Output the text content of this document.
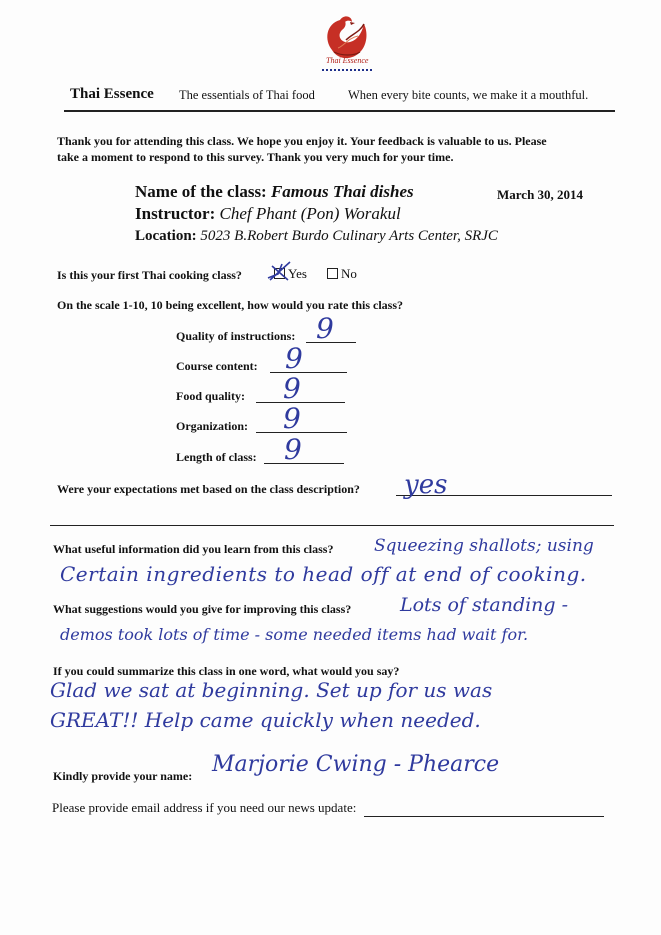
Thai Essence
Thai Essence The essentials of Thai food	When every bite counts, we make it a mouthful.
Thank you for attending this class. We hope you enjoy it. Your feedback is valuable to us. Please
take a moment to respond to this survey. Thank you very much for your time.
Name of the class: Famous Thai dishes	March 30, 2014
Instructor: Chef Phant (Pon) Worakul
Location: 5023 B.Robert Burdo Culinary Arts Center, SRJC
Is this your first Thai cooking class?	Yes	No
On the scale 1-10, 10 being excellent, how would you rate this class?
Quality of instructions: 9
Course content: 9
Food quality: 9
Organization: 9
Length of class: 9
Were your expectations met based on the class description? yes
What useful information did you learn from this class? Squeezing shallots; using
Certain ingredients to head off at end of cooking.
What suggestions would you give for improving this class?	Lots of standing -
demos took lots of time - some needed items had wait for.
If you could summarize this class in one word, what would you say?
Glad we sat at beginning. Set up for us was
GREAT!! Help came quickly when needed.
Kindly provide your name: Marjorie Cwing - Phearce
Please provide email address if you need our news update:
